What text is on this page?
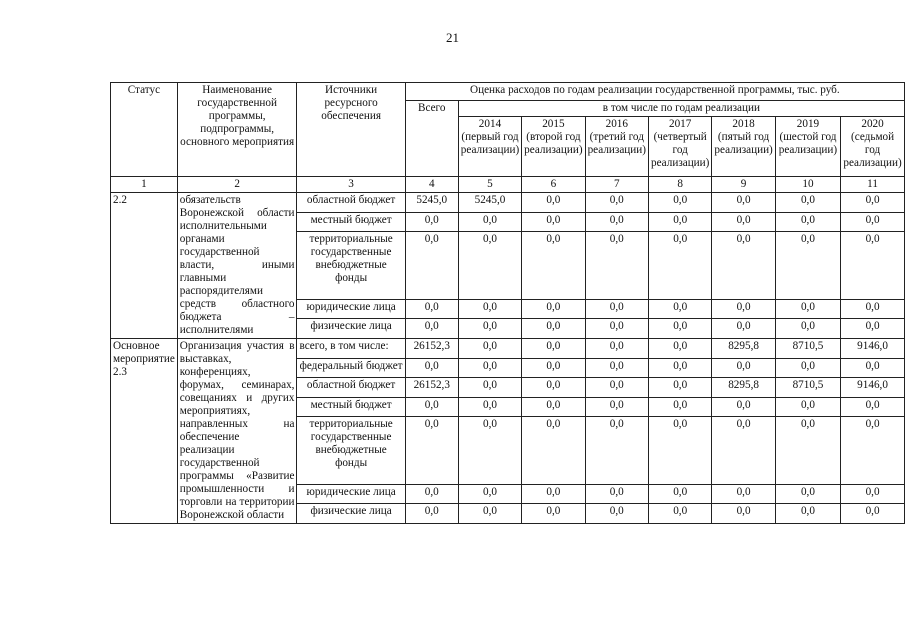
21
Статус	Наименование государственной программы, подпрограммы, основного мероприятия	Источники ресурсного обеспечения	Оценка расходов по годам реализации государственной программы, тыс. руб.							
			Всего	в том числе по годам реализации						
				2014 (первый год реализации)	2015 (второй год реализации)	2016 (третий год реализации)	2017 (четвертый год реализации)	2018 (пятый год реализации)	2019 (шестой год реализации)	2020 (седьмой год реализации)
1	2	3	4	5	6	7	8	9	10	11
2.2	обязательств Воронежской области исполнительными органами государственной власти, иными главными распорядителями средств областного бюджета – исполнителями	областной бюджет	5245,0	5245,0	0,0	0,0	0,0	0,0	0,0	0,0
		местный бюджет	0,0	0,0	0,0	0,0	0,0	0,0	0,0	0,0
		территориальные государственные внебюджетные фонды	0,0	0,0	0,0	0,0	0,0	0,0	0,0	0,0
		юридические лица	0,0	0,0	0,0	0,0	0,0	0,0	0,0	0,0
		физические лица	0,0	0,0	0,0	0,0	0,0	0,0	0,0	0,0
Основное мероприятие 2.3	Организация участия в выставках, конференциях, форумах, семинарах, совещаниях и других мероприятиях, направленных на обеспечение реализации государственной программы «Развитие промышленности и торговли на территории Воронежской области	всего, в том числе:	26152,3	0,0	0,0	0,0	0,0	8295,8	8710,5	9146,0
		федеральный бюджет	0,0	0,0	0,0	0,0	0,0	0,0	0,0	0,0
		областной бюджет	26152,3	0,0	0,0	0,0	0,0	8295,8	8710,5	9146,0
		местный бюджет	0,0	0,0	0,0	0,0	0,0	0,0	0,0	0,0
		территориальные государственные внебюджетные фонды	0,0	0,0	0,0	0,0	0,0	0,0	0,0	0,0
		юридические лица	0,0	0,0	0,0	0,0	0,0	0,0	0,0	0,0
		физические лица	0,0	0,0	0,0	0,0	0,0	0,0	0,0	0,0
